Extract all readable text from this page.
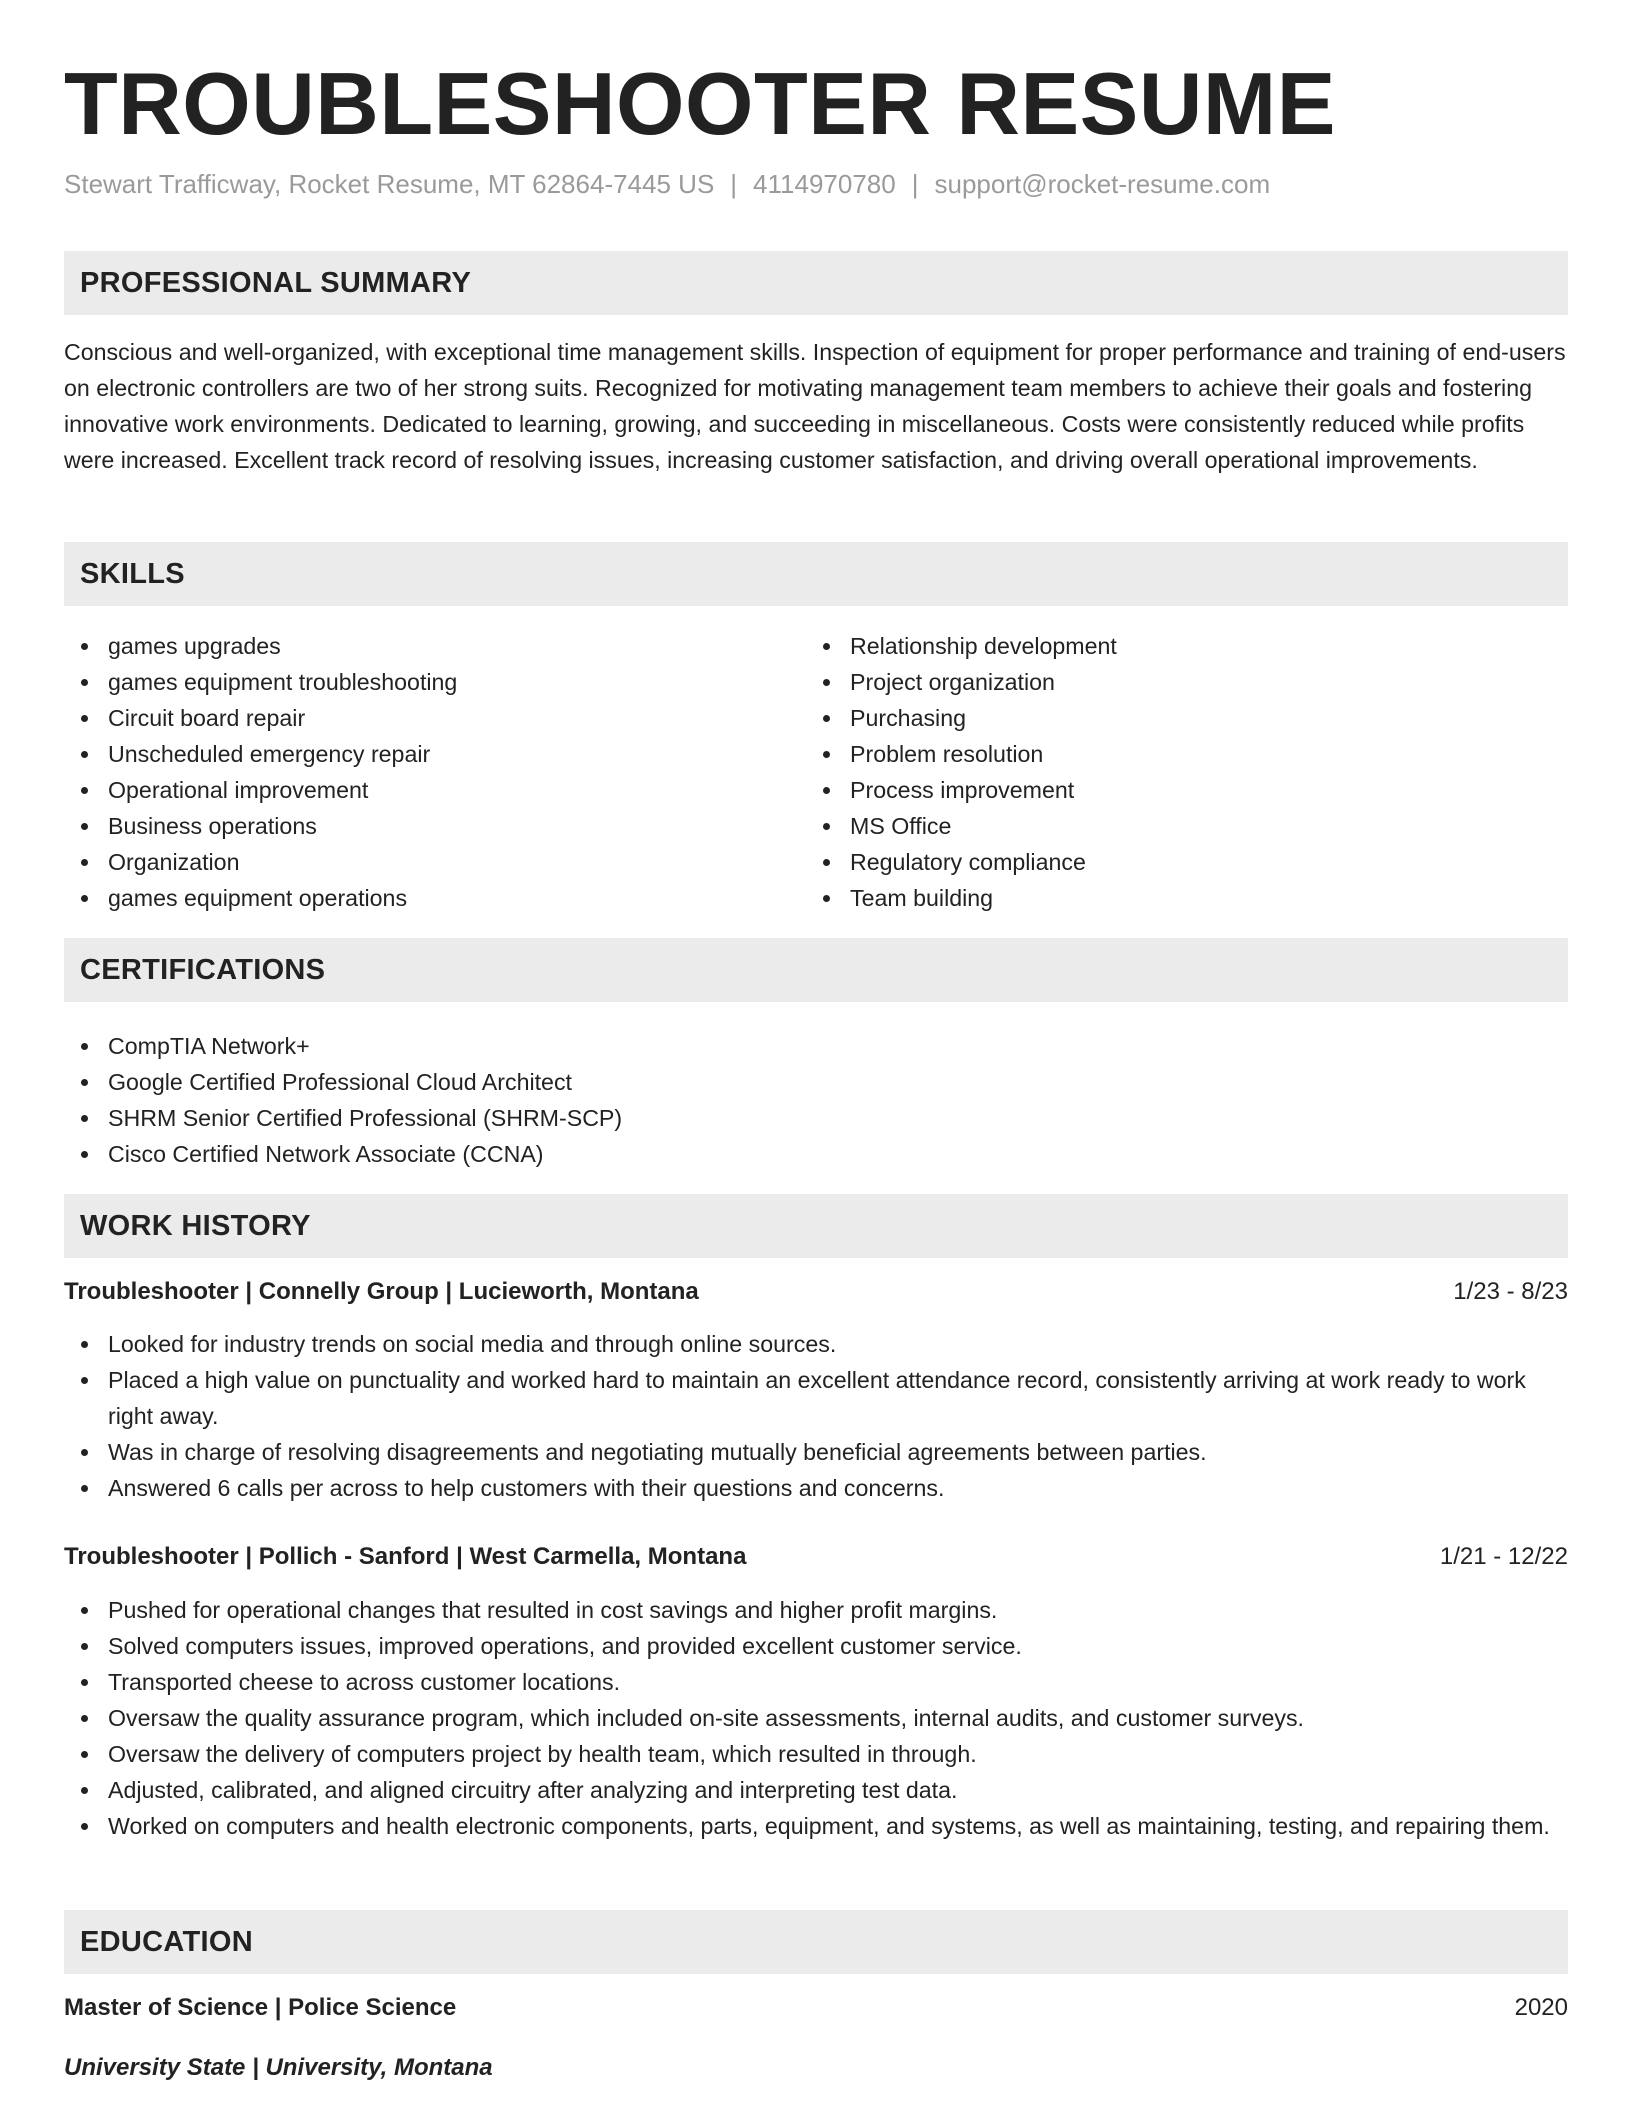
TROUBLESHOOTER RESUME
Stewart Trafficway, Rocket Resume, MT 62864-7445 US | 4114970780 | support@rocket-resume.com
PROFESSIONAL SUMMARY

Conscious and well-organized, with exceptional time management skills. Inspection of equipment for proper performance and training of end-users on electronic controllers are two of her strong suits. Recognized for motivating management team members to achieve their goals and fostering innovative work environments. Dedicated to learning, growing, and succeeding in miscellaneous. Costs were consistently reduced while profits were increased. Excellent track record of resolving issues, increasing customer satisfaction, and driving overall operational improvements.

SKILLS
games upgrades
games equipment troubleshooting
Circuit board repair
Unscheduled emergency repair
Operational improvement
Business operations
Organization
games equipment operations
Relationship development
Project organization
Purchasing
Problem resolution
Process improvement
MS Office
Regulatory compliance
Team building
CERTIFICATIONS
CompTIA Network+
Google Certified Professional Cloud Architect
SHRM Senior Certified Professional (SHRM-SCP)
Cisco Certified Network Associate (CCNA)
WORK HISTORY
Troubleshooter | Connelly Group | Lucieworth, Montana	1/23 - 8/23
Looked for industry trends on social media and through online sources.
Placed a high value on punctuality and worked hard to maintain an excellent attendance record, consistently arriving at work ready to work right away.
Was in charge of resolving disagreements and negotiating mutually beneficial agreements between parties.
Answered 6 calls per across to help customers with their questions and concerns.
Troubleshooter | Pollich - Sanford | West Carmella, Montana	1/21 - 12/22
Pushed for operational changes that resulted in cost savings and higher profit margins.
Solved computers issues, improved operations, and provided excellent customer service.
Transported cheese to across customer locations.
Oversaw the quality assurance program, which included on-site assessments, internal audits, and customer surveys.
Oversaw the delivery of computers project by health team, which resulted in through.
Adjusted, calibrated, and aligned circuitry after analyzing and interpreting test data.
Worked on computers and health electronic components, parts, equipment, and systems, as well as maintaining, testing, and repairing them.
EDUCATION
Master of Science | Police Science	2020
University State | University, Montana
